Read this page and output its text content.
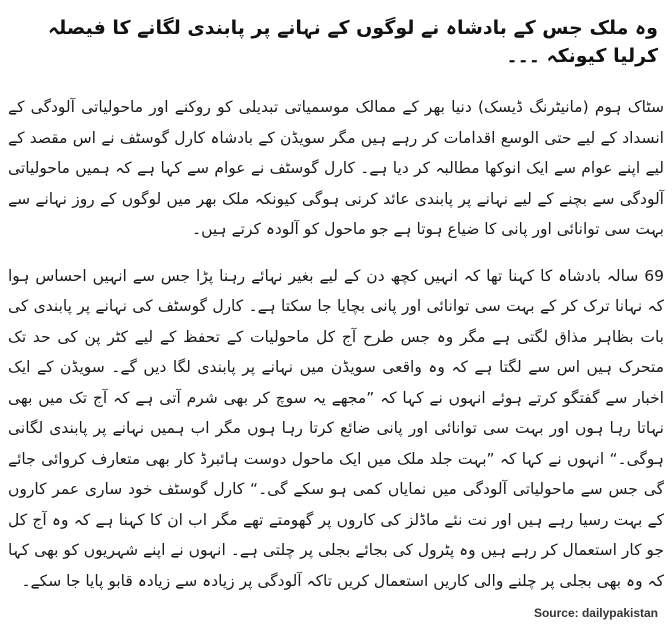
وہ ملک جس کے بادشاہ نے لوگوں کے نہانے پر پابندی لگانے کا فیصلہ کرلیا کیونکہ ۔۔۔

سٹاک ہوم (مانیٹرنگ ڈیسک) دنیا بھر کے ممالک موسمیاتی تبدیلی کو روکنے اور ماحولیاتی آلودگی کے انسداد کے لیے حتی الوسع اقدامات کر رہے ہیں مگر سویڈن کے بادشاہ کارل گوسٹف نے اس مقصد کے لیے اپنے عوام سے ایک انوکھا مطالبہ کر دیا ہے۔ کارل گوسٹف نے عوام سے کہا ہے کہ ہمیں ماحولیاتی آلودگی سے بچنے کے لیے نہانے پر پابندی عائد کرنی ہوگی کیونکہ ملک بھر میں لوگوں کے روز نہانے سے بہت سی توانائی اور پانی کا ضیاع ہوتا ہے جو ماحول کو آلودہ کرتے ہیں۔

69 سالہ بادشاہ کا کہنا تھا کہ انہیں کچھ دن کے لیے بغیر نہائے رہنا پڑا جس سے انہیں احساس ہوا کہ نہانا ترک کر کے بہت سی توانائی اور پانی بچایا جا سکتا ہے۔ کارل گوسٹف کی نہانے پر پابندی کی بات بظاہر مذاق لگتی ہے مگر وہ جس طرح آج کل ماحولیات کے تحفظ کے لیے کٹر پن کی حد تک متحرک ہیں اس سے لگتا ہے کہ وہ واقعی سویڈن میں نہانے پر پابندی لگا دیں گے۔ سویڈن کے ایک اخبار سے گفتگو کرتے ہوئے انہوں نے کہا کہ ”مجھے یہ سوچ کر بھی شرم آتی ہے کہ آج تک میں بھی نہاتا رہا ہوں اور بہت سی توانائی اور پانی ضائع کرتا رہا ہوں مگر اب ہمیں نہانے پر پابندی لگانی ہوگی۔“ انہوں نے کہا کہ ”بہت جلد ملک میں ایک ماحول دوست ہائبرڈ کار بھی متعارف کروائی جائے گی جس سے ماحولیاتی آلودگی میں نمایاں کمی ہو سکے گی۔“ کارل گوسٹف خود ساری عمر کاروں کے بہت رسیا رہے ہیں اور نت نئے ماڈلز کی کاروں پر گھومتے تھے مگر اب ان کا کہنا ہے کہ وہ آج کل جو کار استعمال کر رہے ہیں وہ پٹرول کی بجائے بجلی پر چلتی ہے۔ انہوں نے اپنے شہریوں کو بھی کہا کہ وہ بھی بجلی پر چلنے والی کاریں استعمال کریں تاکہ آلودگی پر زیادہ سے زیادہ قابو پایا جا سکے۔

Source: dailypakistan
